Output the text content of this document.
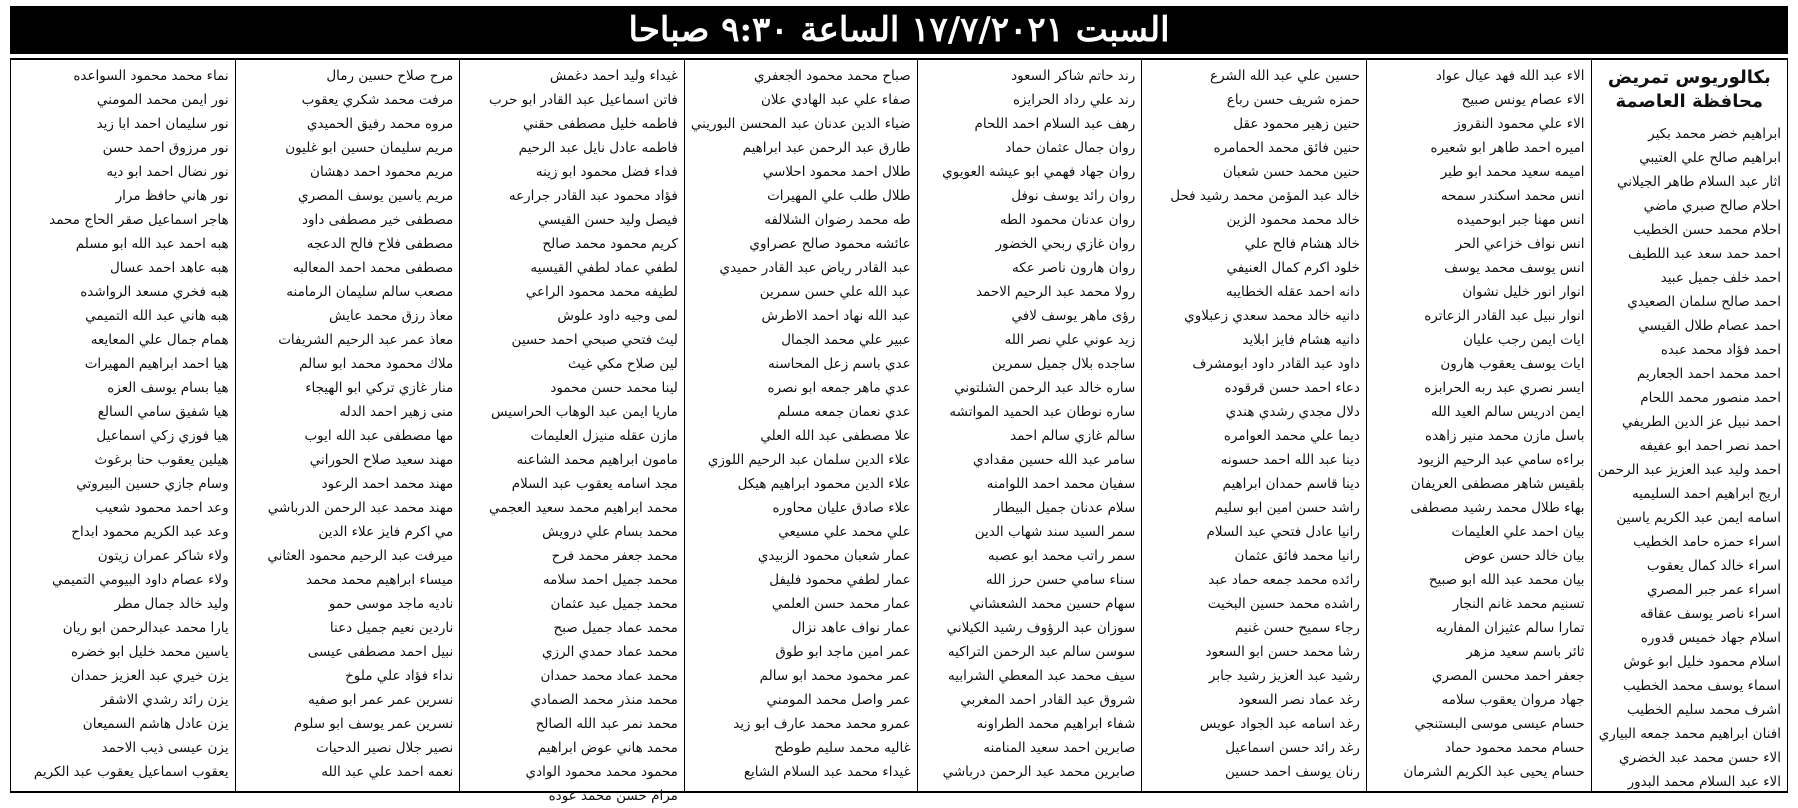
السبت ١٧/٧/٢٠٢١ الساعة ٩:٣٠ صباحا
بكالوريوس تمريض
محافظة العاصمة
ابراهيم خضر محمد بكير
ابراهيم صالح علي العتيبي
اثار عبد السلام طاهر الجيلاني
احلام صالح صبري ماضي
احلام محمد حسن الخطيب
احمد حمد سعد عبد اللطيف
احمد خلف جميل عبيد
احمد صالح سلمان الصعيدي
احمد عصام طلال القيسي
احمد فؤاد محمد عبده
احمد محمد احمد الجعاريم
احمد منصور محمد اللحام
احمد نبيل عز الدين الطريفي
احمد نصر احمد ابو عفيفه
احمد وليد عبد العزيز عبد الرحمن
اريج ابراهيم احمد السليميه
اسامه ايمن عبد الكريم ياسين
اسراء حمزه حامد الخطيب
اسراء خالد كمال يعقوب
اسراء عمر جبر المصري
اسراء ناصر يوسف عقاقه
اسلام جهاد خميس قدوره
اسلام محمود خليل ابو غوش
اسماء يوسف محمد الخطيب
اشرف محمد سليم الخطيب
افنان ابراهيم محمد جمعه البياري
الاء حسن محمد عبد الخضري
الاء عبد السلام محمد البدور
الاء عبد الله فهد عيال عواد
الاء عصام يونس صبيح
الاء علي محمود النقروز
اميره احمد طاهر ابو شعيره
اميمه سعيد محمد ابو طير
انس محمد اسكندر سمحه
انس مهنا جبر ابوحميده
انس نواف خزاعي الحر
انس يوسف محمد يوسف
انوار انور خليل نشوان
انوار نبيل عبد القادر الزعاتره
ايات ايمن رجب عليان
ايات يوسف يعقوب هارون
ايسر نصري عبد ربه الحرابزه
ايمن ادريس سالم العيد الله
باسل مازن محمد منير زاهده
براءه سامي عبد الرحيم الزيود
بلقيس شاهر مصطفى العريفان
بهاء طلال محمد رشيد مصطفى
بيان احمد علي العليمات
بيان خالد حسن عوض
بيان محمد عبد الله ابو صبيح
تسنيم محمد غانم النجار
تمارا سالم عثيزان المفاريه
ثائر باسم سعيد مزهر
جعفر احمد محسن المصري
جهاد مروان يعقوب سلامه
حسام عيسى موسى البستنجي
حسام محمد محمود حماد
حسام يحيى عبد الكريم الشرمان
حسين علي عبد الله الشرع
حمزه شريف حسن رباع
حنين زهير محمود عقل
حنين فائق محمد الحمامره
حنين محمد حسن شعبان
خالد عبد المؤمن محمد رشيد فحل
خالد محمد محمود الزين
خالد هشام فالح علي
خلود اكرم كمال العنيفي
دانه احمد عقله الخطايبه
دانيه خالد محمد سعدي زعبلاوي
دانيه هشام فايز ابلايد
داود عبد القادر داود ابومشرف
دعاء احمد حسن قرقوده
دلال مجدي رشدي هندي
ديما علي محمد العوامره
دينا عبد الله احمد حسونه
دينا قاسم حمدان ابراهيم
راشد حسن امين ابو سليم
رانيا عادل فتحي عبد السلام
رانيا محمد فائق عثمان
رائده محمد جمعه حماد عبد
راشده محمد حسين البخيت
رجاء سميح حسن غنيم
رشا محمد حسن ابو السعود
رشيد عبد العزيز رشيد جابر
رغد عماد نصر السعود
رغد اسامه عبد الجواد عويس
رغد رائد حسن اسماعيل
رنان يوسف احمد حسين
رند حاتم شاكر السعود
رند علي رداد الحرايزه
رهف عبد السلام احمد اللحام
روان جمال عثمان حماد
روان جهاد فهمي ابو عيشه العويوي
روان رائد يوسف نوفل
روان عدنان محمود الطه
روان غازي ربحي الخضور
روان هارون ناصر عكه
رولا محمد عبد الرحيم الاحمد
رؤى ماهر يوسف لافي
زيد عوني علي نصر الله
ساجده بلال جميل سمرين
ساره خالد عبد الرحمن الشلتوني
ساره نوطان عبد الحميد المواتشه
سالم غازي سالم احمد
سامر عبد الله حسين مقدادي
سفيان محمد احمد اللوامنه
سلام عدنان جميل البيطار
سمر السيد سند شهاب الدين
سمر راتب محمد ابو عصبه
سناء سامي حسن حرز الله
سهام حسين محمد الشعشاني
سوزان عبد الرؤوف رشيد الكيلاني
سوسن سالم عبد الرحمن التراكيه
سيف محمد عبد المعطي الشرابيه
شروق عبد القادر احمد المغربي
شفاء ابراهيم محمد الطراونه
صابرين احمد سعيد المنامنه
صابرين محمد عبد الرحمن درباشي
صباح محمد محمود الجعفري
صفاء علي عبد الهادي علان
ضياء الدين عدنان عبد المحسن البوريني
طارق عبد الرحمن عبد ابراهيم
طلال احمد محمود احلاسي
طلال طلب علي المهيرات
طه محمد رضوان الشلالفه
عائشه محمود صالح عصراوي
عبد القادر رياض عبد القادر حميدي
عبد الله علي حسن سمرين
عبد الله نهاد احمد الاطرش
عبير علي محمد الجمال
عدي باسم زعل المحاسنه
عدي ماهر جمعه ابو نصره
عدي نعمان جمعه مسلم
علا مصطفى عبد الله العلي
علاء الدين سلمان عبد الرحيم اللوزي
علاء الدين محمود ابراهيم هيكل
علاء صادق عليان محاوره
علي محمد علي مسيعي
عمار شعبان محمود الزبيدي
عمار لطفي محمود فليفل
عمار محمد حسن العلمي
عمار نواف عاهد نزال
عمر امين ماجد ابو طوق
عمر محمود محمد ابو سالم
عمر واصل محمد المومني
عمرو محمد محمد عارف ابو زيد
غاليه محمد سليم طوطح
غيداء محمد عبد السلام الشايع
غيداء وليد احمد دغمش
فاتن اسماعيل عبد القادر ابو حرب
فاطمه خليل مصطفى حقني
فاطمه عادل نايل عبد الرحيم
فداء فضل محمود ابو زينه
فؤاد محمود عبد القادر جرارعه
فيصل وليد حسن القيسي
كريم محمود محمد صالح
لطفي عماد لطفي القيسيه
لطيفه محمد محمود الراعي
لمى وجيه داود علوش
ليث فتحي صبحي احمد حسين
لين صلاح مكي غيث
لينا محمد حسن محمود
ماريا ايمن عبد الوهاب الحراسيس
مازن عقله منيزل العليمات
مامون ابراهيم محمد الشاعنه
مجد اسامه يعقوب عبد السلام
محمد ابراهيم محمد سعيد العجمي
محمد بسام علي درويش
محمد جعفر محمد فرح
محمد جميل احمد سلامه
محمد جميل عبد عثمان
محمد عماد جميل صبح
محمد عماد حمدي الرزي
محمد عماد محمد حمدان
محمد منذر محمد الصمادي
محمد نمر عبد الله الصالح
محمد هاني عوض ابراهيم
محمود محمد محمود الوادي
مرام حسن محمد عوده
مرح صلاح حسين رمال
مرفت محمد شكري يعقوب
مروه محمد رفيق الحميدي
مريم سليمان حسين ابو غليون
مريم محمود احمد دهشان
مريم ياسين يوسف المصري
مصطفى خير مصطفى داود
مصطفى فلاح فالح الدعجه
مصطفى محمد احمد المعالبه
مصعب سالم سليمان الرمامنه
معاذ رزق محمد عايش
معاذ عمر عبد الرحيم الشريفات
ملاك محمود محمد ابو سالم
منار غازي تركي ابو الهيجاء
منى زهير احمد الدله
مها مصطفى عبد الله ايوب
مهند سعيد صلاح الحوراني
مهند محمد احمد الرعود
مهند محمد عبد الرحمن الدرباشي
مي اكرم فايز علاء الدين
ميرفت عبد الرحيم محمود العثاني
ميساء ابراهيم محمد محمد
ناديه ماجد موسى حمو
ناردين نعيم جميل دعنا
نبيل احمد مصطفى عيسى
نداء فؤاد علي ملوخ
نسرين عمر عمر ابو صفيه
نسرين عمر يوسف ابو سلوم
نصير جلال نصير الدحيات
نعمه احمد علي عبد الله
نماء محمد محمود السواعده
نور ايمن محمد المومني
نور سليمان احمد ابا زيد
نور مرزوق احمد حسن
نور نضال احمد ابو ديه
نور هاني حافظ مرار
هاجر اسماعيل صقر الحاج محمد
هبه احمد عبد الله ابو مسلم
هبه عاهد احمد عسال
هبه فخري مسعد الرواشده
هبه هاني عبد الله التميمي
همام جمال علي المعايعه
هيا احمد ابراهيم المهيرات
هيا بسام يوسف العزه
هيا شفيق سامي السالع
هيا فوزي زكي اسماعيل
هيلين يعقوب حنا برغوث
وسام جازي حسين البيروتي
وعد احمد محمود شعيب
وعد عبد الكريم محمود ابداح
ولاء شاكر عمران زيتون
ولاء عصام داود البيومي التميمي
وليد خالد جمال مطر
يارا محمد عبدالرحمن ابو ريان
ياسين محمد خليل ابو خضره
يزن خيري عبد العزيز حمدان
يزن رائد رشدي الاشقر
يزن عادل هاشم السميعان
يزن عيسى ذيب الاحمد
يعقوب اسماعيل يعقوب عبد الكريم
